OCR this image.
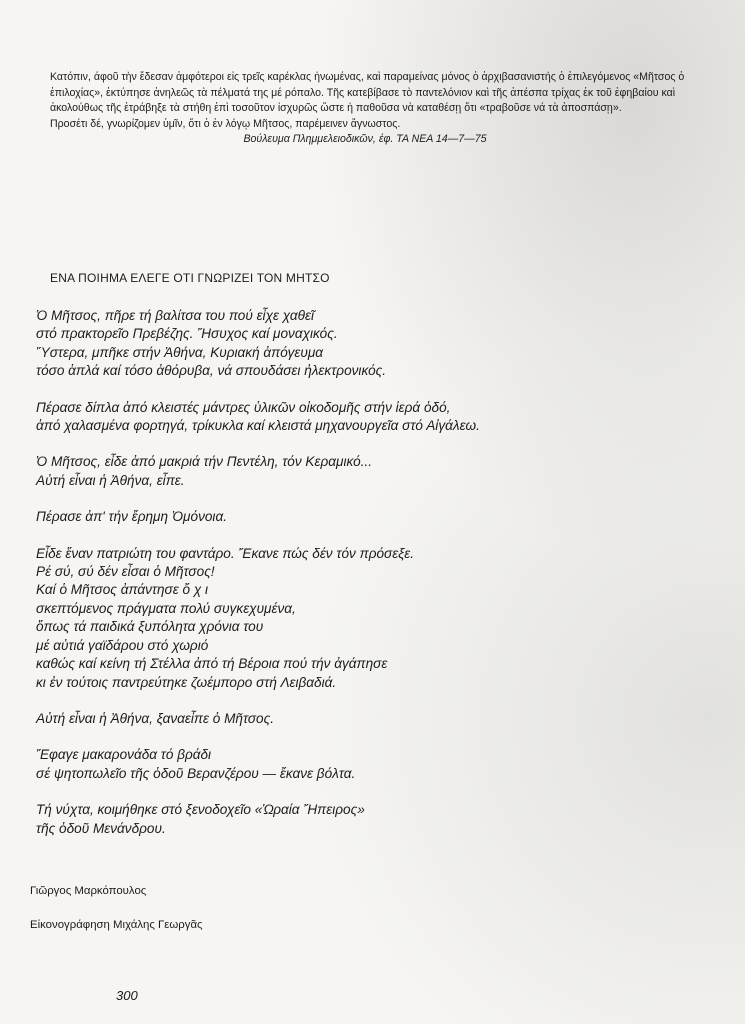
Κατόπιν, άφοῦ τὴν ἔδεσαν ἀμφότεροι εἰς τρεῖς καρέκλας ἡνωμένας, καὶ παραμείνας μόνος ὁ ἀρχιβασανιστής ὁ ἐπιλεγόμενος «Μῆτσος ὁ ἐπιλοχίας», ἐκτύπησε ἀνηλεῶς τὰ πέλματά της μέ ρόπαλο. Τῆς κατεβίβασε τὸ παντελόνιον καὶ τῆς ἀπέσπα τρίχας ἐκ τοῦ ἐφηβαίου καὶ ἀκολούθως τῆς ἐτράβηξε τὰ στήθη ἐπὶ τοσοῦτον ἰσχυρῶς ὥστε ἡ παθοῦσα νὰ καταθέσῃ ὅτι «τραβοῦσε νά τὰ ἀποσπάσῃ».

Προσέτι δέ, γνωρίζομεν ὑμῖν, ὅτι ὁ ἐν λόγῳ Μῆτσος, παρέμεινεν ἄγνωστος.

Βούλευμα Πλημμελειοδικῶν, ἐφ. ΤΑ ΝΕΑ 14—7—75

ΕΝΑ ΠΟΙΗΜΑ ΕΛΕΓΕ ΟΤΙ ΓΝΩΡΙΖΕΙ ΤΟΝ ΜΗΤΣΟ
Ὁ Μῆτσος, πῆρε τή βαλίτσα του πού εἶχε χαθεῖ
στό πρακτορεῖο Πρεβέζης. Ἥσυχος καί μοναχικός.
Ὕστερα, μπῆκε στήν Ἀθήνα, Κυριακή ἀπόγευμα
τόσο ἁπλά καί τόσο ἀθόρυβα, νά σπουδάσει ἠλεκτρονικός.
Πέρασε δίπλα ἀπό κλειστές μάντρες ὑλικῶν οἰκοδομῆς στήν ἱερά ὁδό,
ἀπό χαλασμένα φορτηγά, τρίκυκλα καί κλειστά μηχανουργεῖα στό Αἰγάλεω.
Ὁ Μῆτσος, εἶδε ἀπό μακριά τήν Πεντέλη, τόν Κεραμικό...
Αὐτή εἶναι ἡ Ἀθήνα, εἶπε.
Πέρασε ἀπ' τήν ἔρημη Ὀμόνοια.
Εἶδε ἕναν πατριώτη του φαντάρο. Ἔκανε πώς δέν τόν πρόσεξε.
Ρέ σύ, σύ δέν εἶσαι ὁ Μῆτσος!
Καί ὁ Μῆτσος ἀπάντησε ὄ χ ι
σκεπτόμενος πράγματα πολύ συγκεχυμένα,
ὅπως τά παιδικά ξυπόλητα χρόνια του
μέ αὐτιά γαϊδάρου στό χωριό
καθώς καί κείνη τή Στέλλα ἀπό τή Βέροια πού τήν ἀγάπησε
κι ἐν τούτοις παντρεύτηκε ζωέμπορο στή Λειβαδιά.
Αὐτή εἶναι ἡ Ἀθήνα, ξαναεἶπε ὁ Μῆτσος.
Ἔφαγε μακαρονάδα τό βράδι
σέ ψητοπωλεῖο τῆς ὁδοῦ Βερανζέρου — ἔκανε βόλτα.
Τή νύχτα, κοιμήθηκε στό ξενοδοχεῖο «Ὡραία Ἤπειρος»
τῆς ὁδοῦ Μενάνδρου.
Γιῶργος Μαρκόπουλος
Εἰκονογράφηση Μιχάλης Γεωργᾶς
300
